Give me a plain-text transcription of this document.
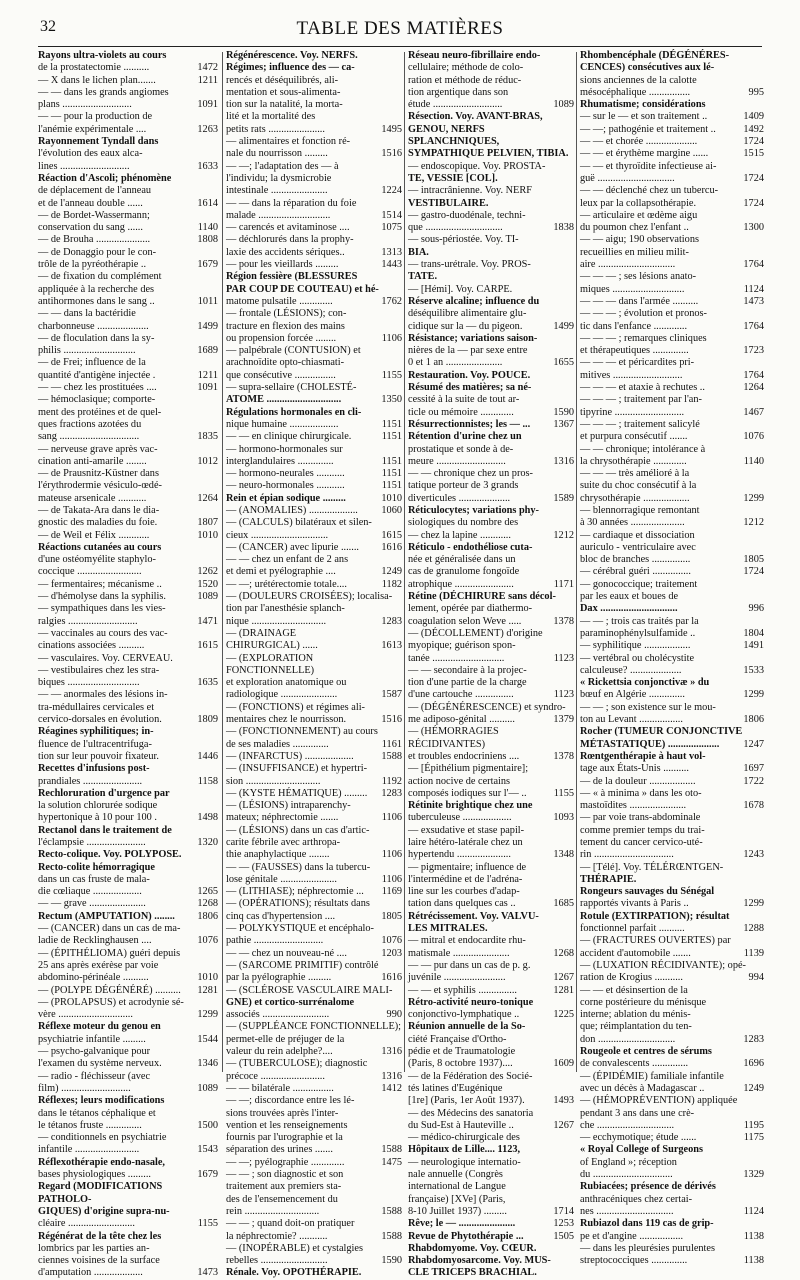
32	TABLE DES MATIÈRES
Rayons ultra-violets au cours
de la prostatectomie ..........	1472
— X dans le lichen plan.......	1211
— — dans les grands angiomes
plans ...........................	1091
— — pour la production de
l'anémie expérimentale ....	1263
Rayonnement Tyndall dans
l'évolution des eaux alca-
lines ...........................	1633
Réaction d'Ascoli; phénomène
de déplacement de l'anneau
et de l'anneau double ......	1614
— de Bordet-Wassermann;
conservation du sang ......	1140
— de Brouha .....................	1808
— de Donaggio pour le con-
trôle de la pyréothérapie ..	1679
— de fixation du complément
appliquée à la recherche des
antihormones dans le sang ..	1011
— — dans la bactéridie
charbonneuse ....................	1499
— de floculation dans la sy-
philis ............................	1689
— de Frei; influence de la
quantité d'antigène injectée .	1211
— — chez les prostituées ....	1091
— hémoclasique; comporte-
ment des protéines et de quel-
ques fractions azotées du
sang ...............................	1835
— nerveuse grave après vac-
cination anti-amarile ........	1012
— de Prausnitz-Küstner dans
l'érythrodermie vésiculo-œdé-
mateuse arsenicale ...........	1264
— de Takata-Ara dans le dia-
gnostic des maladies du foie.	1807
— de Weil et Félix ............	1010
Réactions cutanées au cours
d'une ostéomyélite staphylo-
coccique .........................	1262
— fermentaires; mécanisme ..	1520
— d'hémolyse dans la syphilis.	1089
— sympathiques dans les vies-
ralgies ...........................	1471
— vaccinales au cours des vac-
cinations associées ..........	1615
— vasculaires. Voy. CERVEAU.
— vestibulaires chez les stra-
biques ............................	1635
— — anormales des lésions in-
tra-médullaires cervicales et
cervico-dorsales en évolution.	1809
Réagines syphilitiques; in-
fluence de l'ultracentrifuga-
tion sur leur pouvoir fixateur.	1446
Recettes d'infusions post-
prandiales .......................	1158
Rechloruration d'urgence par
la solution chlorurée sodique
hypertonique à 10 pour 100 .	1498
Rectanol dans le traitement de
l'éclampsie .......................	1320
Recto-colique. Voy. POLYPOSE.
Recto-colite hémorragique
dans un cas fruste de mala-
die cœliaque ...................	1265
— — grave ......................	1268
Rectum (AMPUTATION) ........	1806
— (CANCER) dans un cas de ma-
ladie de Recklinghausen ....	1076
— (ÉPITHÉLIOMA) guéri depuis
25 ans après exérèse par voie
abdomino-périnéale ..........	1010
— (POLYPE DÉGÉNÉRÉ) ..........	1281
— (PROLAPSUS) et acrodynie sé-
vère .............................	1299
Réflexe moteur du genou en
psychiatrie infantile .........	1544
— psycho-galvanique pour
l'examen du système nerveux.	1346
— radio - fléchisseur (avec
film) ...........................	1089
Réflexes; leurs modifications
dans le tétanos céphalique et
le tétanos fruste ..............	1500
— conditionnels en psychiatrie
infantile .........................	1543
Réflexothérapie endo-nasale,
bases physiologiques .........	1679
Regard (MODIFICATIONS PATHOLO-
GIQUES) d'origine supra-nu-
cléaire ..........................	1155
Régénérat de la tête chez les
lombrics par les parties an-
ciennes voisines de la surface
d'amputation ...................	1473
Régénérescence. Voy. NERFS.
Régimes; influence des — ca-
rencés et déséquilibrés, ali-
mentation et sous-alimenta-
tion sur la natalité, la morta-
lité et la mortalité des
petits rats ......................	1495
— alimentaires et fonction ré-
nale du nourrisson .........	1516
— —; l'adaptation des — à
l'individu; la dysmicrobie
intestinale ......................	1224
— — dans la réparation du foie
malade ............................	1514
— carencés et avitaminose ....	1075
— déchlorurés dans la prophy-
laxie des accidents sériques..	1313
— pour les vieillards .........	1443
Région fessière (BLESSURES
PAR COUP DE COUTEAU) et hé-
matome pulsatile .............	1762
— frontale (LÉSIONS); con-
tracture en flexion des mains
ou propension forcée ........	1106
— palpébrale (CONTUSION) et
arachnoïdite opto-chiasmati-
que consécutive ................	1155
— supra-sellaire (CHOLESTÉ-
ATOME .............................	1350
Régulations hormonales en cli-
nique humaine ...................	1151
— — en clinique chirurgicale.	1151
— hormono-hormonales sur
interglandulaires ..............	1151
— hormono-neurales ...........	1151
— neuro-hormonales ...........	1151
Rein et épian sodique .........	1010
— (ANOMALIES) ...................	1060
— (CALCULS) bilatéraux et silen-
cieux ..............................	1615
— (CANCER) avec lipurie .......	1616
— — chez un enfant de 2 ans
et demi et pyélographie ....	1249
— —; urétérectomie totale....	1182
— (DOULEURS CROISÉES); localisa-
tion par l'anesthésie splanch-
nique .............................	1283
— (DRAINAGE CHIRURGICAL) ......	1613
— (EXPLORATION FONCTIONNELLE)
et exploration anatomique ou
radiologique ......................	1587
— (FONCTIONS) et régimes ali-
mentaires chez le nourrisson.	1516
— (FONCTIONNEMENT) au cours
de ses maladies ..............	1161
— (INFARCTUS) ...................	1588
— (INSUFFISANCE) et hypertri-
sion .............................	1192
— (KYSTE HÉMATIQUE) .........	1283
— (LÉSIONS) intraparenchy-
mateux; néphrectomie .......	1106
— (LÉSIONS) dans un cas d'artic-
carite fébrile avec arthropa-
thie anaphylactique ........	1106
— — (FAUSSES) dans la tubercu-
lose génitale ......................	1106
— (LITHIASE); néphrectomie ...	1169
— (OPÉRATIONS); résultats dans
cinq cas d'hypertension ....	1805
— POLYKYSTIQUE et encéphalo-
pathie ...........................	1076
— — chez un nouveau-né ....	1203
— (SARCOME PRIMITIF) contrôlé
par la pyélographie .........	1616
— (SCLÉROSE VASCULAIRE MALI-
GNE) et cortico-surrénalome
associés ..........................	990
— (SUPPLÉANCE FONCTIONNELLE);
permet-elle de préjuger de la
valeur du rein adelphe?....	1316
— (TUBERCULOSE); diagnostic
précoce .........................	1316
— — bilatérale ................	1412
— —; discordance entre les lé-
sions trouvées après l'inter-
vention et les renseignements
fournis par l'urographie et la
séparation des urines .......	1588
— —; pyélographie .............	1475
— — ; son diagnostic et son
traitement aux premiers sta-
des de l'ensemencement du
rein .............................	1588
— — ; quand doit-on pratiquer
la néphrectomie? ...........	1588
— (INOPÉRABLE) et cystalgies
rebelles ..........................	1590
Rénale. Voy. OPOTHÉRAPIE.
Réseau neuro-fibrillaire endo-
cellulaire; méthode de colo-
ration et méthode de réduc-
tion argentique dans son
étude ...........................	1089
Résection. Voy. AVANT-BRAS,
GENOU, NERFS SPLANCHNIQUES,
SYMPATHIQUE PELVIEN, TIBIA.
— endoscopique. Voy. PROSTA-
TE, VESSIE [COL].
— intracrânienne. Voy. NERF
VESTIBULAIRE.
— gastro-duodénale, techni-
que ..............................	1838
— sous-périostée. Voy. TI-
BIA.
— trans-urétrale. Voy. PROS-
TATE.
— [Hémi]. Voy. CARPE.
Réserve alcaline; influence du
déséquilibre alimentaire glu-
cidique sur la — du pigeon.	1499
Résistance; variations saison-
nières de la — par sexe entre
0 et 1 an ......................	1655
Restauration. Voy. POUCE.
Résumé des matières; sa né-
cessité à la suite de tout ar-
ticle ou mémoire .............	1590
Résurrectionnistes; les — ...	1367
Rétention d'urine chez un
prostatique et sonde à de-
meure ...........................	1316
— — chronique chez un pros-
tatique porteur de 3 grands
diverticules ....................	1589
Réticulocytes; variations phy-
siologiques du nombre des
— chez la lapine ............	1212
Réticulo - endothéliose cuta-
née et généralisée dans un
cas de granulome fongoïde
atrophique .......................	1171
Rétine (DÉCHIRURE sans décol-
lement, opérée par diathermo-
coagulation selon Weve .....	1378
— (DÉCOLLEMENT) d'origine
myopique; guérison spon-
tanée ............................	1123
— — secondaire à la projec-
tion d'une partie de la charge
d'une cartouche ...............	1123
— (DÉGÉNÉRESCENCE) et syndro-
me adiposo-génital ..........	1379
— (HÉMORRAGIES RÉCIDIVANTES)
et troubles endocriniens ....	1378
— [Épithélium pigmentaire];
action nocive de certains
composés iodiques sur l'— ..	1155
Rétinite brightique chez une
tuberculeuse ...................	1093
— exsudative et stase papil-
laire hétéro-latérale chez un
hypertendu .....................	1348
— pigmentaire; influence de
l'intermédine et de l'adréna-
line sur les courbes d'adap-
tation dans quelques cas ..	1685
Rétrécissement. Voy. VALVU-
LES MITRALES.
— mitral et endocardite rhu-
matismale ......................	1268
— — pur dans un cas de p. g.
juvénile ........................	1267
— — et syphilis ...............	1281
Rétro-activité neuro-tonique
conjonctivo-lymphatique ..	1225
Réunion annuelle de la So-
ciété Française d'Ortho-
pédie et de Traumatologie
(Paris, 8 octobre 1937)....	1609
— de la Fédération des Socié-
tés latines d'Eugénique
[1re] (Paris, 1er Août 1937).	1493
— des Médecins des sanatoria
du Sud-Est à Hauteville ..	1267
— médico-chirurgicale des
Hôpitaux de Lille.... 1123,
— neurologique internatio-
nale annuelle (Congrès
international de Langue
française) [XVe] (Paris,
8-10 Juillet 1937) .........	1714
Rêve; le — ......................	1253
Revue de Phytothérapie ...	1505
Rhabdomyome. Voy. CŒUR.
Rhabdomyosarcome. Voy. MUS-
CLE TRICEPS BRACHIAL.
Rhombencéphale (DÉGÉNÉRES-
CENCES) consécutives aux lé-
sions anciennes de la calotte
mésocéphalique ................	995
Rhumatisme; considérations
— sur le — et son traitement ..	1409
— —; pathogénie et traitement ..	1492
— — et chorée ....................	1724
— — et érythème margine ......	1515
— — et thyroïdite infectieuse ai-
guë ..............................	1724
— — déclenché chez un tubercu-
leux par la collapsothérapie.	1724
— articulaire et œdème aigu
du poumon chez l'enfant ..	1300
— — aigu; 190 observations
recueillies en milieu milit-
aire ..............................	1764
— — — ; ses lésions anato-
miques ............................	1124
— — — dans l'armée ..........	1473
— — — ; évolution et pronos-
tic dans l'enfance .............	1764
— — — ; remarques cliniques
et thérapeutiques ..............	1723
— — — et péricardites pri-
mitives ...........................	1764
— — — et ataxie à rechutes ..	1264
— — — ; traitement par l'an-
tipyrine ...........................	1467
— — — ; traitement salicylé
et purpura consécutif .......	1076
— — chronique; intolérance à
la chrysothérapie .............	1140
— — — très amélioré à la
suite du choc consécutif à la
chrysothérapie ..................	1299
— blennorragique remontant
à 30 années .....................	1212
— cardiaque et dissociation
auriculo - ventriculaire avec
bloc de branches ...............	1805
— cérébral guéri ...............	1724
— gonococcique; traitement
par les eaux et boues de
Dax ..............................	996
— — ; trois cas traités par la
paraminophénylsulfamide ..	1804
— syphilitique ..................	1491
— vertébral ou cholécystite
calculeuse? ....................	1533
« Rickettsia conjonctivæ » du
bœuf en Algérie ..............	1299
— — ; son existence sur le mou-
ton au Levant .................	1806
Rocher (TUMEUR CONJONCTIVE
MÉTASTATIQUE) ....................	1247
Rœntgenthérapie à haut vol-
tage aux États-Unis ..........	1697
— de la douleur ..................	1722
— « à minima » dans les oto-
mastoïdites ......................	1678
— par voie trans-abdominale
comme premier temps du trai-
tement du cancer cervico-uté-
rin ...............................	1243
— [Télé]. Voy. TÉLÉRŒNTGEN-
THÉRAPIE.
Rongeurs sauvages du Sénégal
rapportés vivants à Paris ..	1299
Rotule (EXTIRPATION); résultat
fonctionnel parfait ..........	1288
— (FRACTURES OUVERTES) par
accident d'automobile .......	1139
— (LUXATION RÉCIDIVANTE); opé-
ration de Krogius ...........	994
— — et désinsertion de la
corne postérieure du ménisque
interne; ablation du ménis-
que; réimplantation du ten-
don ..............................	1283
Rougeole et centres de sérums
de convalescents ..............	1696
— (ÉPIDÉMIE) familiale infantile
avec un décès à Madagascar ..	1249
— (HÉMOPRÉVENTION) appliquée
pendant 3 ans dans une crè-
che ..............................	1195
— ecchymotique; étude ......	1175
« Royal College of Surgeons
of England »; réception
du ...............................	1329
Rubiacées; présence de dérivés
anthracéniques chez certai-
nes ..............................	1124
Rubiazol dans 119 cas de grip-
pe et d'angine .................	1138
— dans les pleurésies purulentes
streptococciques ..............	1138
